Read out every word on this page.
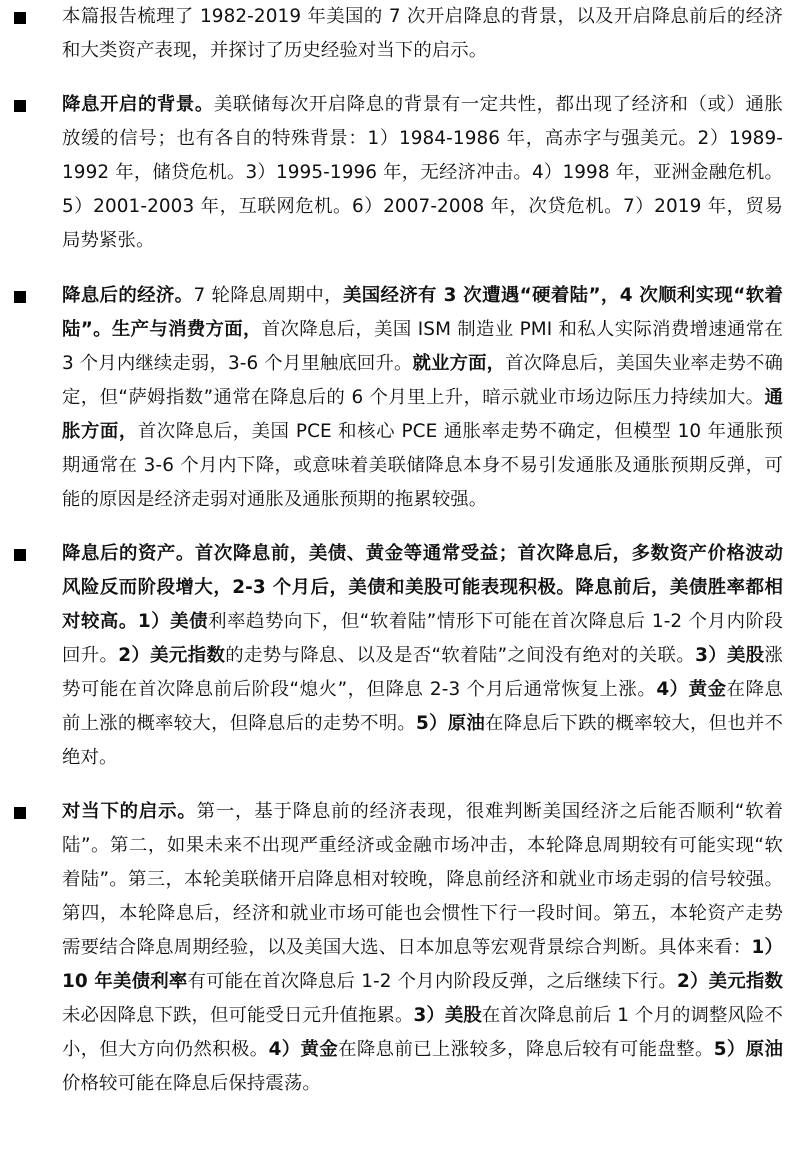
本篇报告梳理了 1982-2019 年美国的 7 次开启降息的背景，以及开启降息前后的经济和大类资产表现，并探讨了历史经验对当下的启示。

降息开启的背景。美联储每次开启降息的背景有一定共性，都出现了经济和（或）通胀放缓的信号；也有各自的特殊背景：1）1984-1986 年，高赤字与强美元。2）1989-1992 年，储贷危机。3）1995-1996 年，无经济冲击。4）1998 年，亚洲金融危机。5）2001-2003 年，互联网危机。6）2007-2008 年，次贷危机。7）2019 年，贸易局势紧张。

降息后的经济。7 轮降息周期中，美国经济有 3 次遭遇“硬着陆”，4 次顺利实现“软着陆”。生产与消费方面，首次降息后，美国 ISM 制造业 PMI 和私人实际消费增速通常在 3 个月内继续走弱，3-6 个月里触底回升。就业方面，首次降息后，美国失业率走势不确定，但“萨姆指数”通常在降息后的 6 个月里上升，暗示就业市场边际压力持续加大。通胀方面，首次降息后，美国 PCE 和核心 PCE 通胀率走势不确定，但模型 10 年通胀预期通常在 3-6 个月内下降，或意味着美联储降息本身不易引发通胀及通胀预期反弹，可能的原因是经济走弱对通胀及通胀预期的拖累较强。

降息后的资产。首次降息前，美债、黄金等通常受益；首次降息后，多数资产价格波动风险反而阶段增大，2-3 个月后，美债和美股可能表现积极。降息前后，美债胜率都相对较高。1）美债利率趋势向下，但“软着陆”情形下可能在首次降息后 1-2 个月内阶段回升。2）美元指数的走势与降息、以及是否“软着陆”之间没有绝对的关联。3）美股涨势可能在首次降息前后阶段“熄火”，但降息 2-3 个月后通常恢复上涨。4）黄金在降息前上涨的概率较大，但降息后的走势不明。5）原油在降息后下跌的概率较大，但也并不绝对。

对当下的启示。第一，基于降息前的经济表现，很难判断美国经济之后能否顺利“软着陆”。第二，如果未来不出现严重经济或金融市场冲击，本轮降息周期较有可能实现“软着陆”。第三，本轮美联储开启降息相对较晚，降息前经济和就业市场走弱的信号较强。第四，本轮降息后，经济和就业市场可能也会惯性下行一段时间。第五，本轮资产走势需要结合降息周期经验，以及美国大选、日本加息等宏观背景综合判断。具体来看：1）10 年美债利率有可能在首次降息后 1-2 个月内阶段反弹，之后继续下行。2）美元指数未必因降息下跌，但可能受日元升值拖累。3）美股在首次降息前后 1 个月的调整风险不小，但大方向仍然积极。4）黄金在降息前已上涨较多，降息后较有可能盘整。5）原油价格较可能在降息后保持震荡。
